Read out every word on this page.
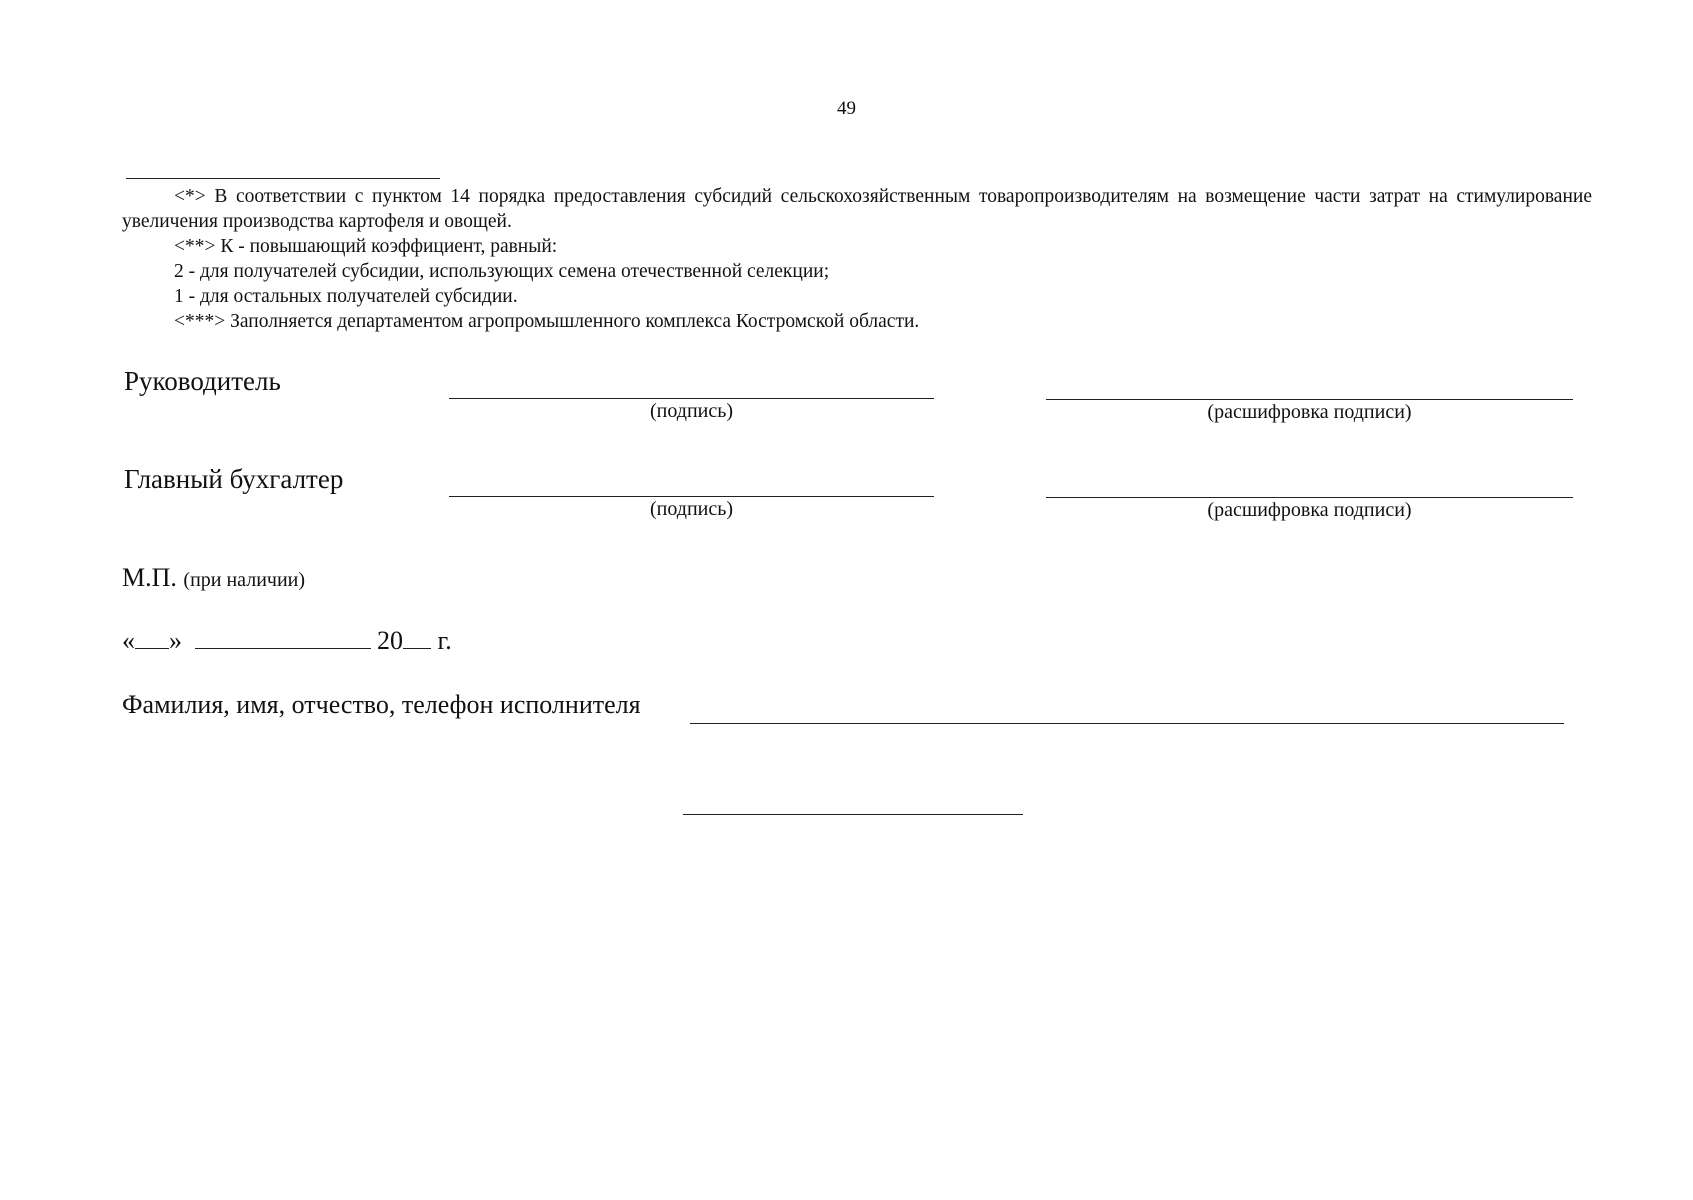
49

<*> В соответствии с пунктом 14 порядка предоставления субсидий сельскохозяйственным товаропроизводителям на возмещение части затрат на стимулирование увеличения производства картофеля и овощей.

<**> К - повышающий коэффициент, равный:

2 - для получателей субсидии, использующих семена отечественной селекции;

1 - для остальных получателей субсидии.

<***> Заполняется департаментом агропромышленного комплекса Костромской области.

Руководитель
(подпись)	(расшифровка подписи)
Главный бухгалтер
(подпись)	(расшифровка подписи)
М.П. (при наличии)
« »	20 г.
Фамилия, имя, отчество, телефон исполнителя
